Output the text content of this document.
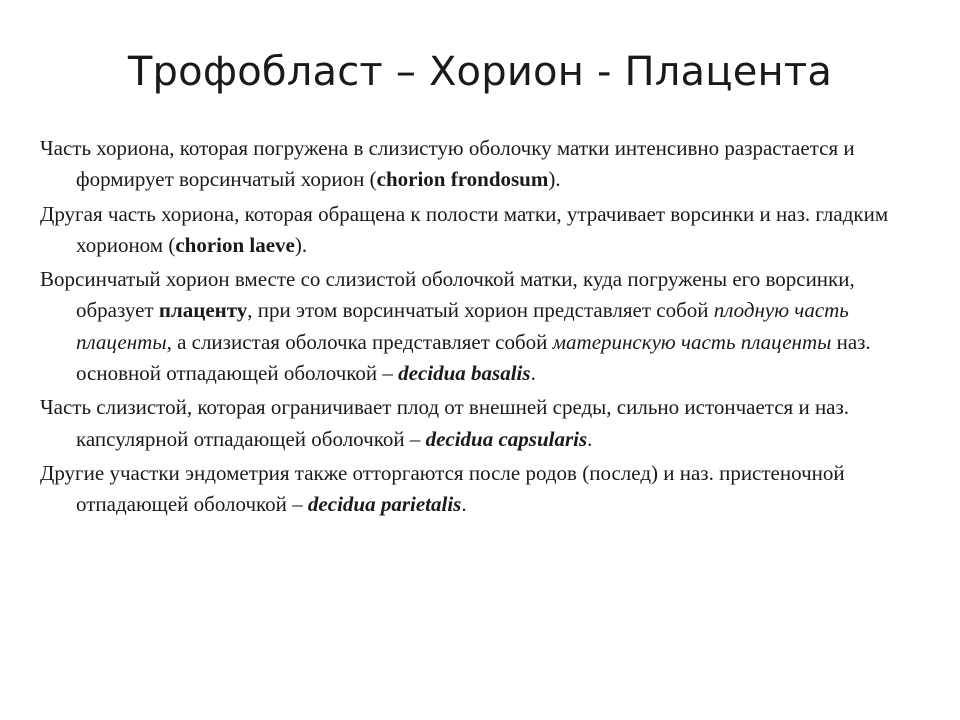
Трофобласт – Хорион - Плацента

Часть хориона, которая погружена в слизистую оболочку матки интенсивно разрастается и формирует ворсинчатый хорион (chorion frondosum).

Другая часть хориона, которая обращена к полости матки, утрачивает ворсинки и наз. гладким хорионом (chorion laeve).

Ворсинчатый хорион вместе со слизистой оболочкой матки, куда погружены его ворсинки, образует плаценту, при этом ворсинчатый хорион представляет собой плодную часть плаценты, а слизистая оболочка представляет собой материнскую часть плаценты наз. основной отпадающей оболочкой – decidua basalis.

Часть слизистой, которая ограничивает плод от внешней среды, сильно истончается и наз. капсулярной отпадающей оболочкой – decidua capsularis.

Другие участки эндометрия также отторгаются после родов (послед) и наз. пристеночной отпадающей оболочкой – decidua parietalis.
